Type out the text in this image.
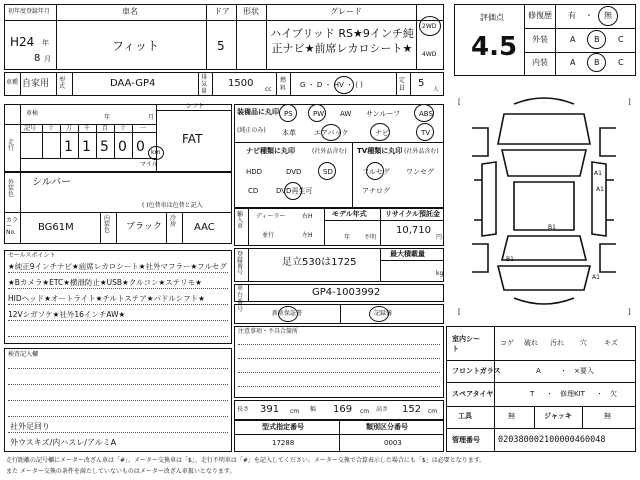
初年度登録年月	車名	ドア 形状	グレード
H24 年
8 月
フィット	5
ハイブリッド RS★9インチ純正ナビ★前席レカロシート★
2WD
4WD
車種 自家用 型式	DAA-GP4
排気量
1500
cc
燃料	G ・ D ・ HV ・ ( )
定員 5
人
評価点
4.5
修復歴 有 ・ 無
外装	A B C
内装	A B C
車検
年	月
シフト
FAT
走行
記号 十 万 千 百 十 一
1 1 5 0 0
マイル
km
装備品に丸印
(純正のみ)
PS	PW AW サンルーフ	ABS
本革	エアバック	ナビ	TV
ナビ種類に丸印	(社外品含む)
HDD	DVD	SD
CD	DVD再生可
TV種類に丸印 (社外品含む)
フルセグ ワンセグ
アナログ
外装色
シルバー
( )色替車は色替と記入
カラーNo. BG61M
内装色	ブラック
冷房	AAC
輸入車
ディーラー
並行
右H
左H
モデル年式
年 不明
リサイクル預託金
10,710
円
セールスポイント
★純正9インチナビ★前席レカロシート★社外マフラー★フルセグ
★Bカメラ★ETC★横滑防止★USB★クルコン★ステリモ★
HIDヘッド★オートライト★チルトステア★パドルシフト★
12Vシガソケ★社外16インチAW★
登録番号
足立530は1725
最大積載量
kg
車台番号
GP4-1003992
新車保証書	記録簿
注意事項・不具合箇所
検査記入欄
社外足回り
外ウスキズ/内ハスレ/アルミA
長さ 391 cm 幅 169 cm 高さ 152 cm
型式指定番号
17288
類別区分番号
0003
[	]
[	]
A1
A1
B1
B1
A1
室内シート
コゲ 破れ 汚れ 穴 キズ
フロントガラス	A	・ ×要入
スペアタイヤ	T ・ 修理KIT ・ 欠
工具	無	ジャッキ	無
管理番号 020380002100000460048
走行距離の記号欄にメーター改ざん車は「#」、メーター交換車は「$」、走行不明車は「#」を記入してください。メーター交換で合算表示した場合にも「$」は必要となります。
また メーター交換の条件を満たしていないものはメーター改ざん車扱いとなります。
